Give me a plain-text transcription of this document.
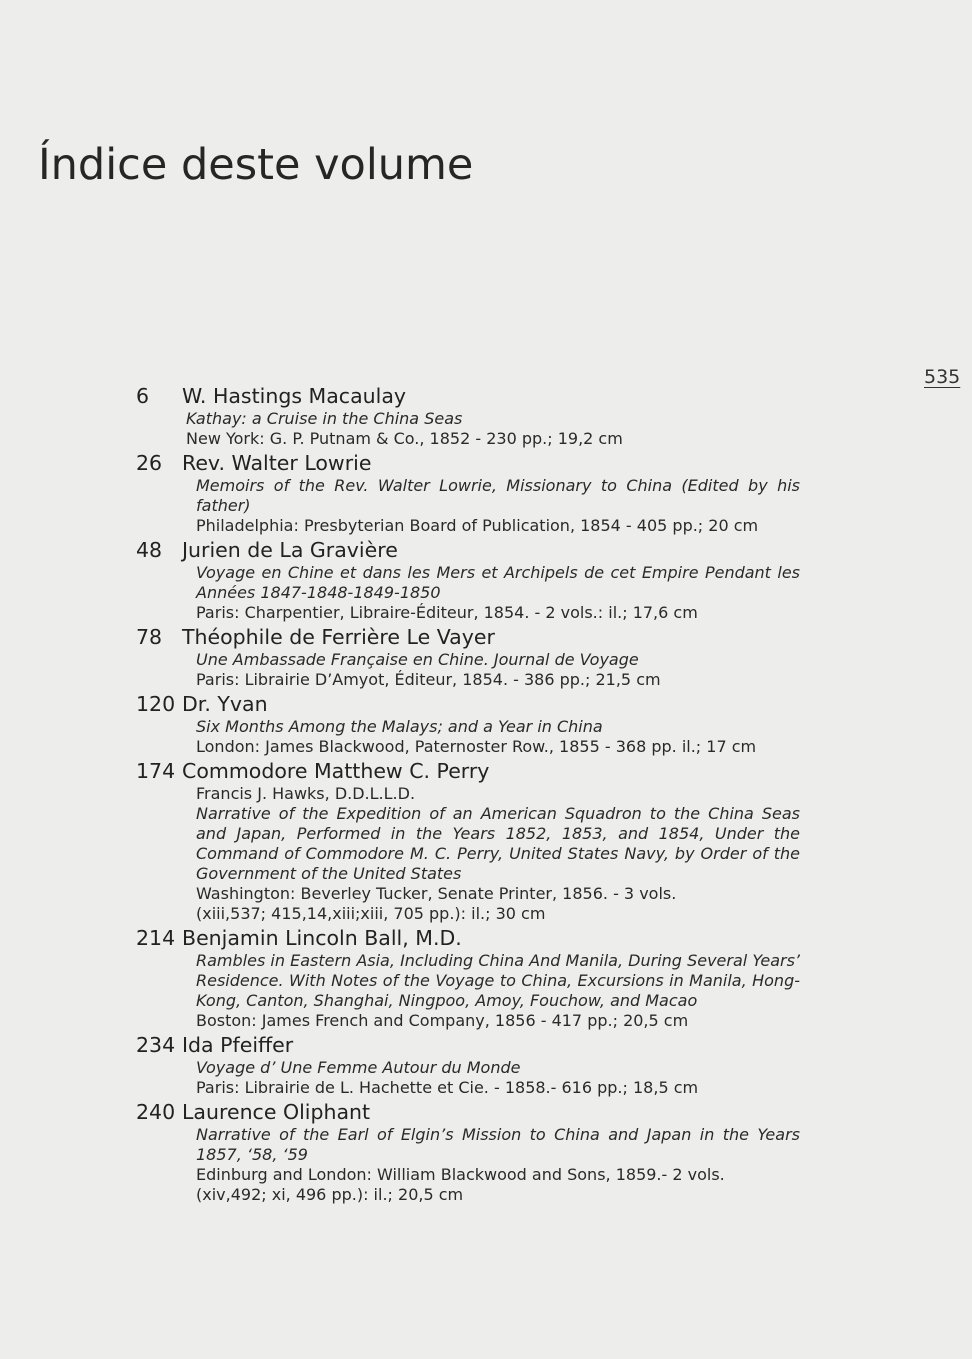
Índice deste volume
535
6	W. Hastings Macaulay
Kathay: a Cruise in the China Seas
New York: G. P. Putnam & Co., 1852 - 230 pp.; 19,2 cm
26 Rev. Walter Lowrie
Memoirs of the Rev. Walter Lowrie, Missionary to China (Edited by his father)
Philadelphia: Presbyterian Board of Publication, 1854 - 405 pp.; 20 cm
48 Jurien de La Gravière
Voyage en Chine et dans les Mers et Archipels de cet Empire Pendant les Années 1847-1848-1849-1850
Paris: Charpentier, Libraire-Éditeur, 1854. - 2 vols.: il.; 17,6 cm
78 Théophile de Ferrière Le Vayer
Une Ambassade Française en Chine. Journal de Voyage
Paris: Librairie D’Amyot, Éditeur, 1854. - 386 pp.; 21,5 cm
120 Dr. Yvan
Six Months Among the Malays; and a Year in China
London: James Blackwood, Paternoster Row., 1855 - 368 pp. il.; 17 cm
174 Commodore Matthew C. Perry
Francis J. Hawks, D.D.L.L.D.
Narrative of the Expedition of an American Squadron to the China Seas and Japan, Performed in the Years 1852, 1853, and 1854, Under the Command of Commodore M. C. Perry, United States Navy, by Order of the Government of the United States
Washington: Beverley Tucker, Senate Printer, 1856. - 3 vols.
(xiii,537; 415,14,xiii;xiii, 705 pp.): il.; 30 cm
214 Benjamin Lincoln Ball, M.D.
Rambles in Eastern Asia, Including China And Manila, During Several Years’ Residence. With Notes of the Voyage to China, Excursions in Manila, Hong-Kong, Canton, Shanghai, Ningpoo, Amoy, Fouchow, and Macao
Boston: James French and Company, 1856 - 417 pp.; 20,5 cm
234 Ida Pfeiffer
Voyage d’ Une Femme Autour du Monde
Paris: Librairie de L. Hachette et Cie. - 1858.- 616 pp.; 18,5 cm
240 Laurence Oliphant
Narrative of the Earl of Elgin’s Mission to China and Japan in the Years 1857, ‘58, ‘59
Edinburg and London: William Blackwood and Sons, 1859.- 2 vols.
(xiv,492; xi, 496 pp.): il.; 20,5 cm
